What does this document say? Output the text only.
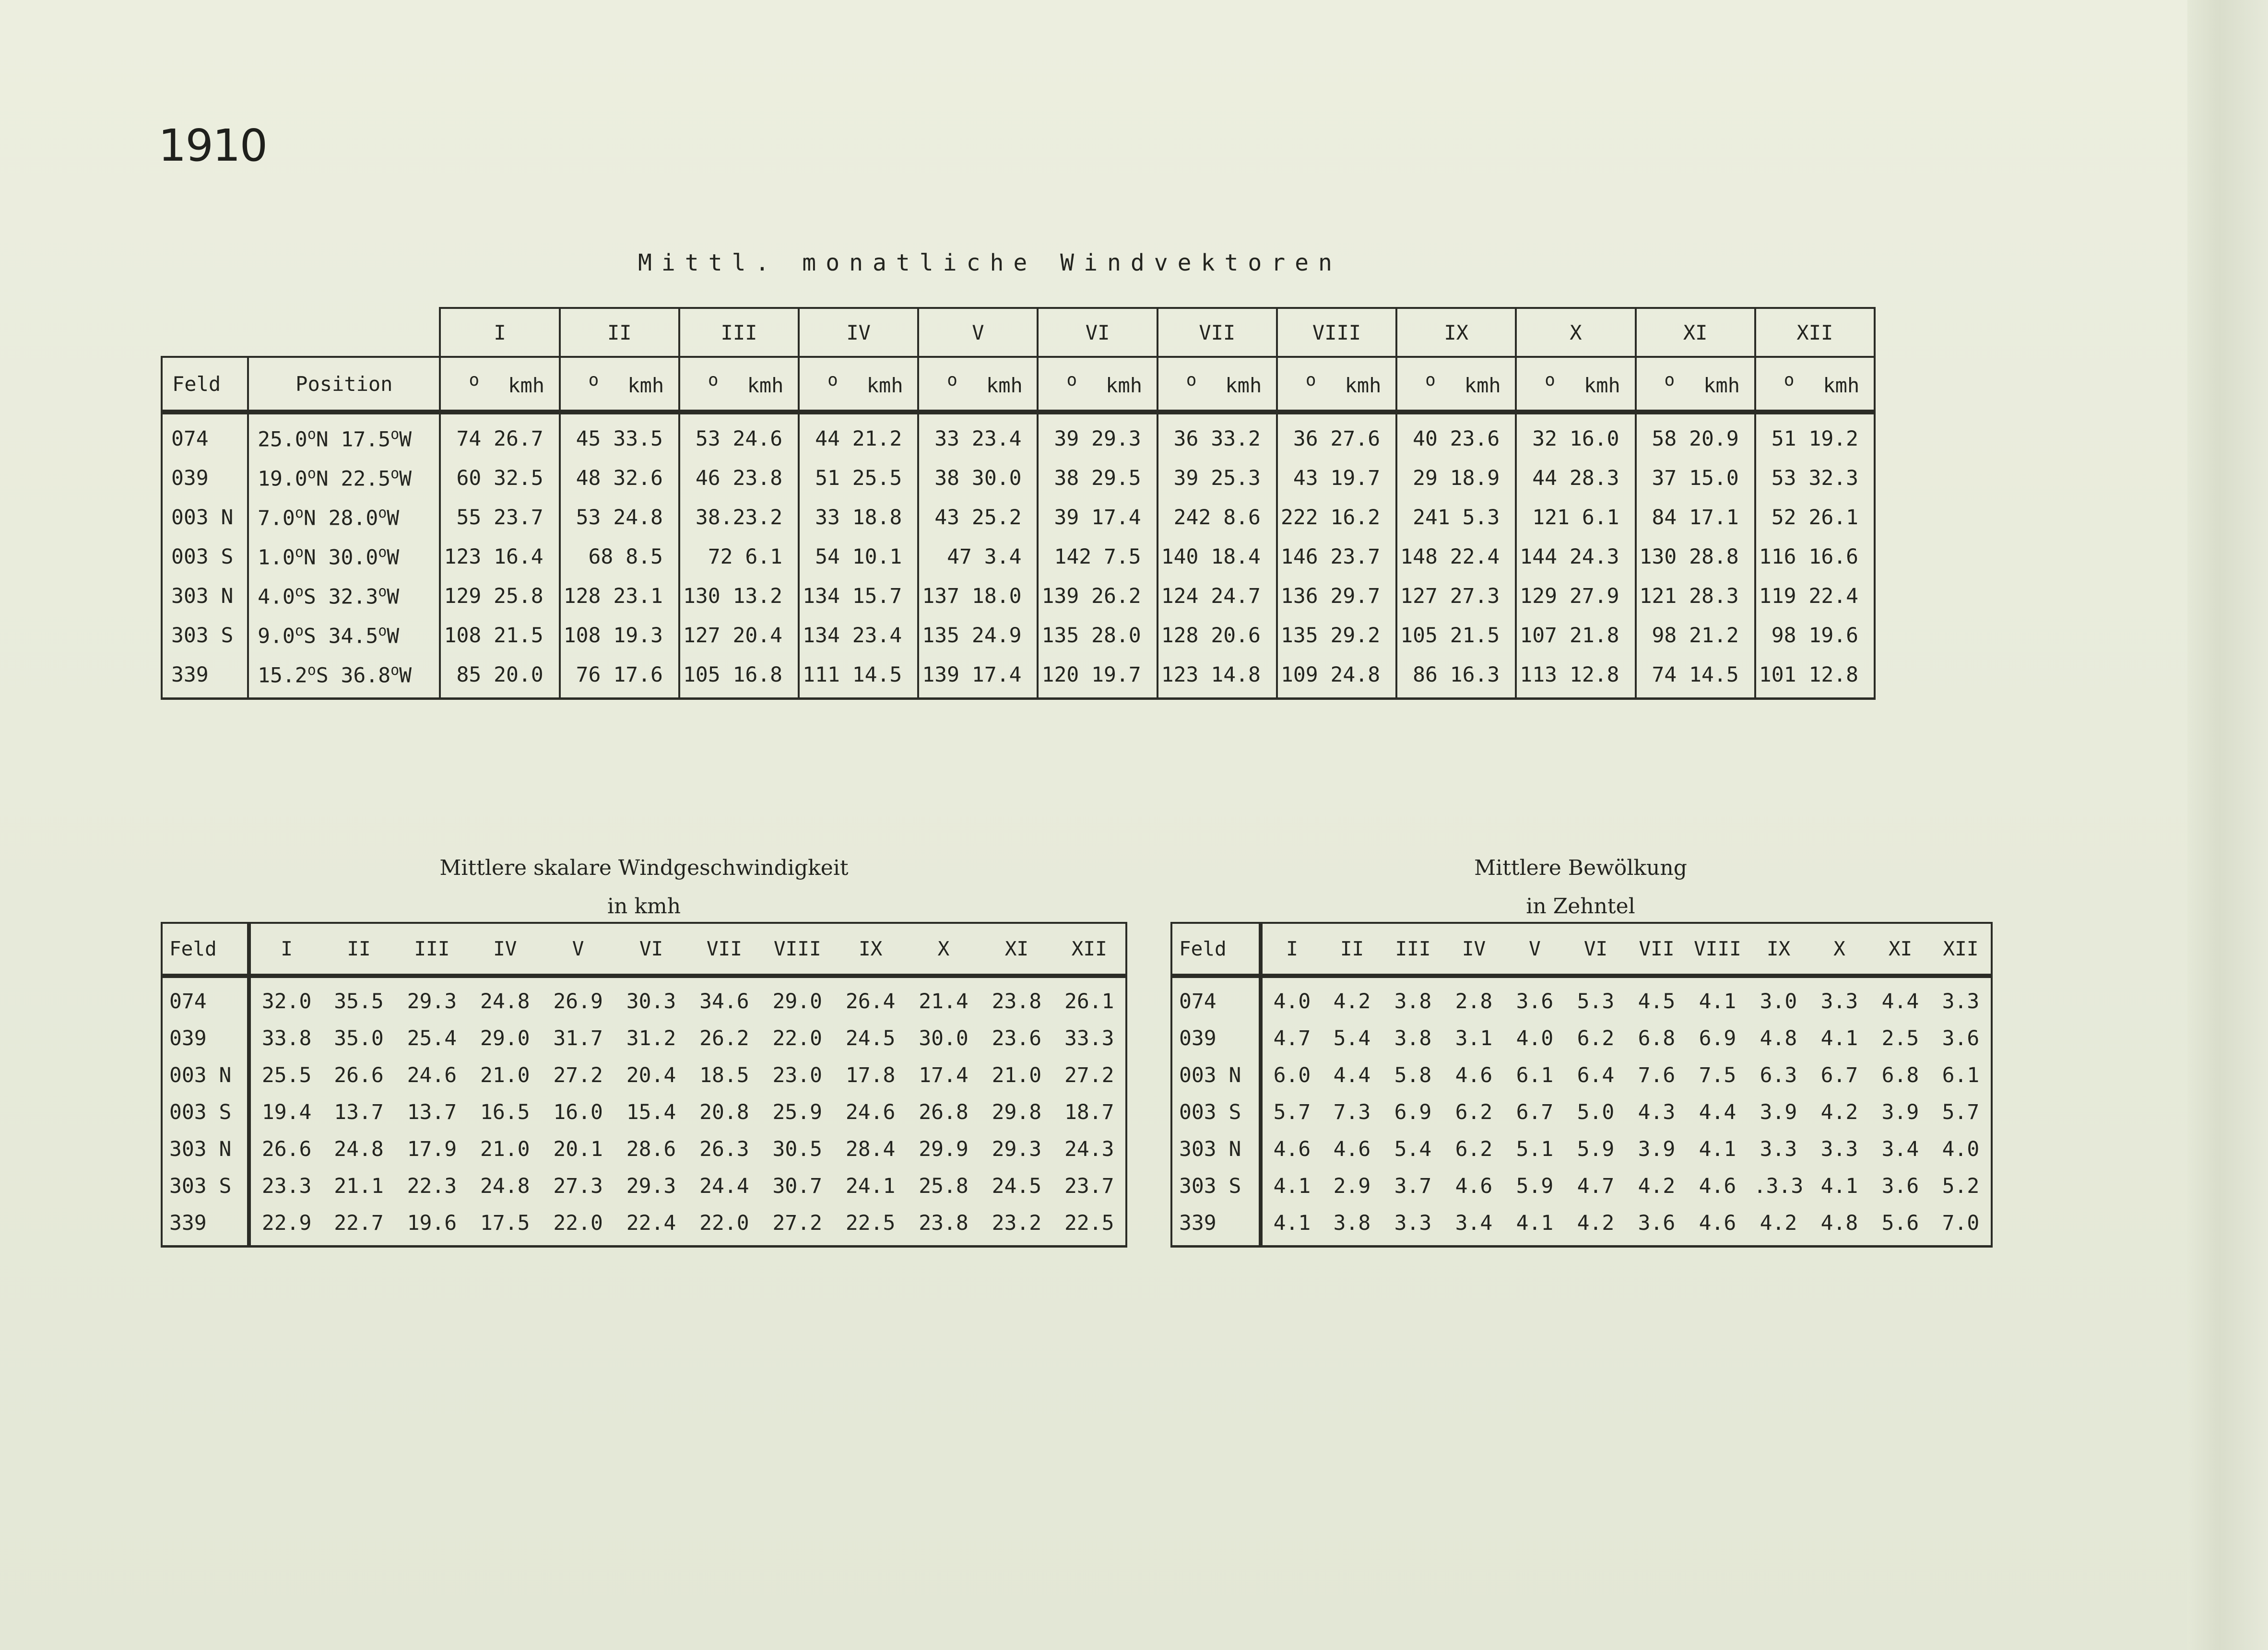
1910
Mittl. monatliche Windvektoren
		I	II	III	IV	V	VI	VII	VIII	IX	X	XI	XII
Feld	Position	o kmh	o kmh	o kmh	o kmh	o kmh	o kmh	o kmh	o kmh	o kmh	o kmh	o kmh	o kmh
074	25.0$^o$N 17.5$^o$W	74 26.7	45 33.5	53 24.6	44 21.2	33 23.4	39 29.3	36 33.2	36 27.6	40 23.6	32 16.0	58 20.9	51 19.2
039	19.0$^o$N 22.5$^o$W	60 32.5	48 32.6	46 23.8	51 25.5	38 30.0	38 29.5	39 25.3	43 19.7	29 18.9	44 28.3	37 15.0	53 32.3
003 N	7.0$^o$N 28.0$^o$W	55 23.7	53 24.8	38.23.2	33 18.8	43 25.2	39 17.4	242 8.6	222 16.2	241 5.3	121 6.1	84 17.1	52 26.1
003 S	1.0$^o$N 30.0$^o$W	123 16.4	68 8.5	72 6.1	54 10.1	47 3.4	142 7.5	140 18.4	146 23.7	148 22.4	144 24.3	130 28.8	116 16.6
303 N	4.0$^o$S 32.3$^o$W	129 25.8	128 23.1	130 13.2	134 15.7	137 18.0	139 26.2	124 24.7	136 29.7	127 27.3	129 27.9	121 28.3	119 22.4
303 S	9.0$^o$S 34.5$^o$W	108 21.5	108 19.3	127 20.4	134 23.4	135 24.9	135 28.0	128 20.6	135 29.2	105 21.5	107 21.8	98 21.2	98 19.6
339	15.2$^o$S 36.8$^o$W	85 20.0	76 17.6	105 16.8	111 14.5	139 17.4	120 19.7	123 14.8	109 24.8	86 16.3	113 12.8	74 14.5	101 12.8
Mittlere skalare Windgeschwindigkeit
in kmh
Feld	I	II	III	IV	V	VI	VII	VIII	IX	X	XI	XII
074	32.0	35.5	29.3	24.8	26.9	30.3	34.6	29.0	26.4	21.4	23.8	26.1
039	33.8	35.0	25.4	29.0	31.7	31.2	26.2	22.0	24.5	30.0	23.6	33.3
003 N	25.5	26.6	24.6	21.0	27.2	20.4	18.5	23.0	17.8	17.4	21.0	27.2
003 S	19.4	13.7	13.7	16.5	16.0	15.4	20.8	25.9	24.6	26.8	29.8	18.7
303 N	26.6	24.8	17.9	21.0	20.1	28.6	26.3	30.5	28.4	29.9	29.3	24.3
303 S	23.3	21.1	22.3	24.8	27.3	29.3	24.4	30.7	24.1	25.8	24.5	23.7
339	22.9	22.7	19.6	17.5	22.0	22.4	22.0	27.2	22.5	23.8	23.2	22.5
Mittlere Bewölkung
in Zehntel
Feld	I	II	III	IV	V	VI	VII	VIII	IX	X	XI	XII
074	4.0	4.2	3.8	2.8	3.6	5.3	4.5	4.1	3.0	3.3	4.4	3.3
039	4.7	5.4	3.8	3.1	4.0	6.2	6.8	6.9	4.8	4.1	2.5	3.6
003 N	6.0	4.4	5.8	4.6	6.1	6.4	7.6	7.5	6.3	6.7	6.8	6.1
003 S	5.7	7.3	6.9	6.2	6.7	5.0	4.3	4.4	3.9	4.2	3.9	5.7
303 N	4.6	4.6	5.4	6.2	5.1	5.9	3.9	4.1	3.3	3.3	3.4	4.0
303 S	4.1	2.9	3.7	4.6	5.9	4.7	4.2	4.6	.3.3	4.1	3.6	5.2
339	4.1	3.8	3.3	3.4	4.1	4.2	3.6	4.6	4.2	4.8	5.6	7.0
